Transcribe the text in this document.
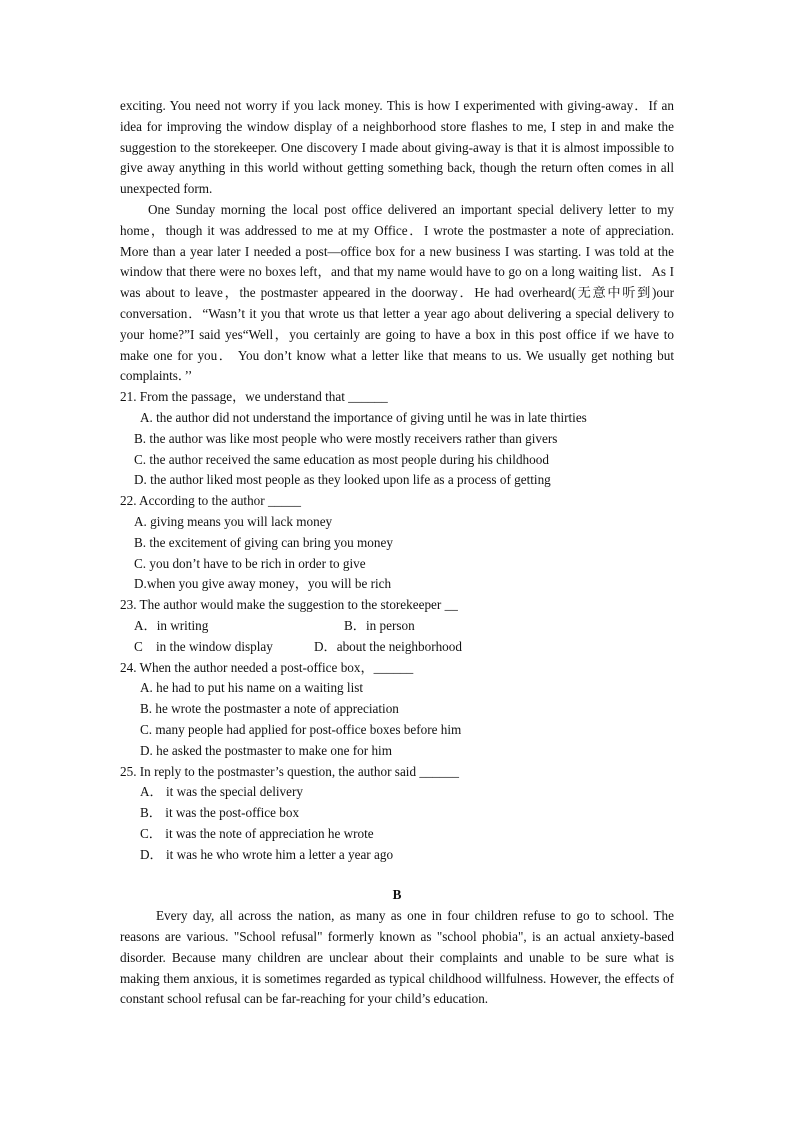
exciting. You need not worry if you lack money. This is how I experimented with giving-away．If an idea for improving the window display of a neighborhood store flashes to me, I step in and make the suggestion to the storekeeper. One discovery I made about giving-away is that it is almost impossible to give away anything in this world without getting something back, though the return often comes in all unexpected form.

One Sunday morning the local post office delivered an important special delivery letter to my home，though it was addressed to me at my Office．I wrote the postmaster a note of appreciation. More than a year later I needed a post—office box for a new business I was starting. I was told at the window that there were no boxes left，and that my name would have to go on a long waiting list．As I was about to leave，the postmaster appeared in the doorway．He had overheard(无意中听到)our conversation．“Wasn’t it you that wrote us that letter a year ago about delivering a special delivery to your home?”I said yes“Well，you certainly are going to have a box in this post office if we have to make one for you． You don’t know what a letter like that means to us. We usually get nothing but complaints．’’

21. From the passage，we understand that ______

A. the author did not understand the importance of giving until he was in late thirties

B. the author was like most people who were mostly receivers rather than givers

C. the author received the same education as most people during his childhood

D. the author liked most people as they looked upon life as a process of getting

22. According to the author _____

A. giving means you will lack money

B. the excitement of giving can bring you money

C. you don’t have to be rich in order to give

D.when you give away money，you will be rich

23. The author would make the suggestion to the storekeeper __

A．in writing	B．in person
C    in the window display	D．about the neighborhood

24. When the author needed a post-office box，______

A. he had to put his name on a waiting list

B. he wrote the postmaster a note of appreciation

C. many people had applied for post-office boxes before him

D. he asked the postmaster to make one for him

25. In reply to the postmaster’s question, the author said ______

A． it was the special delivery

B． it was the post-office box

C． it was the note of appreciation he wrote

D． it was he who wrote him a letter a year ago

B

Every day, all across the nation, as many as one in four children refuse to go to school. The reasons are various. "School refusal" formerly known as "school phobia", is an actual anxiety-based disorder. Because many children are unclear about their complaints and unable to be sure what is making them anxious, it is sometimes regarded as typical childhood willfulness. However, the effects of constant school refusal can be far-reaching for your child’s education.
